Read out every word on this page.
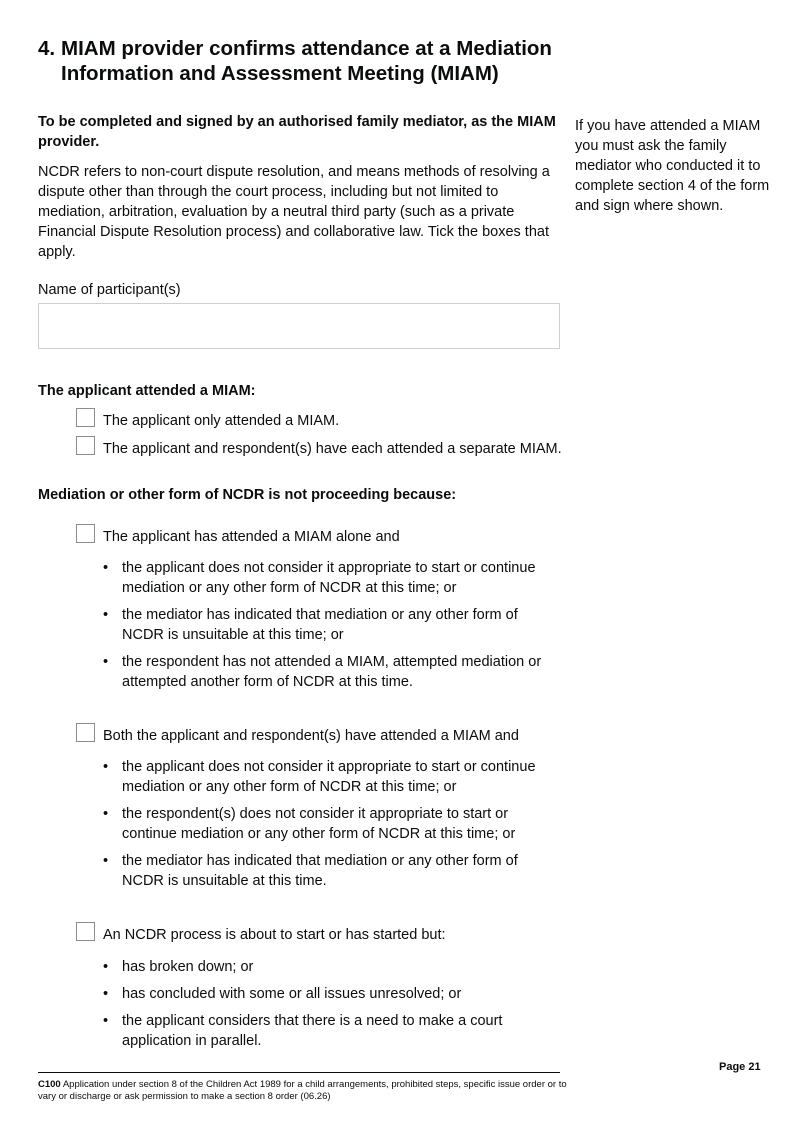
4. MIAM provider confirms attendance at a Mediation Information and Assessment Meeting (MIAM)

To be completed and signed by an authorised family mediator, as the MIAM provider.

NCDR refers to non-court dispute resolution, and means methods of resolving a dispute other than through the court process, including but not limited to mediation, arbitration, evaluation by a neutral third party (such as a private Financial Dispute Resolution process) and collaborative law. Tick the boxes that apply.

If you have attended a MIAM you must ask the family mediator who conducted it to complete section 4 of the form and sign where shown.

Name of participant(s)
The applicant attended a MIAM:
The applicant only attended a MIAM.
The applicant and respondent(s) have each attended a separate MIAM.
Mediation or other form of NCDR is not proceeding because:
The applicant has attended a MIAM alone and
• the applicant does not consider it appropriate to start or continue mediation or any other form of NCDR at this time; or
• the mediator has indicated that mediation or any other form of NCDR is unsuitable at this time; or
• the respondent has not attended a MIAM, attempted mediation or attempted another form of NCDR at this time.
Both the applicant and respondent(s) have attended a MIAM and
• the applicant does not consider it appropriate to start or continue mediation or any other form of NCDR at this time; or
• the respondent(s) does not consider it appropriate to start or continue mediation or any other form of NCDR at this time; or
• the mediator has indicated that mediation or any other form of NCDR is unsuitable at this time.
An NCDR process is about to start or has started but:
• has broken down; or
• has concluded with some or all issues unresolved; or
• the applicant considers that there is a need to make a court application in parallel.
Page 21
C100 Application under section 8 of the Children Act 1989 for a child arrangements, prohibited steps, specific issue order or to vary or discharge or ask permission to make a section 8 order (06.26)
